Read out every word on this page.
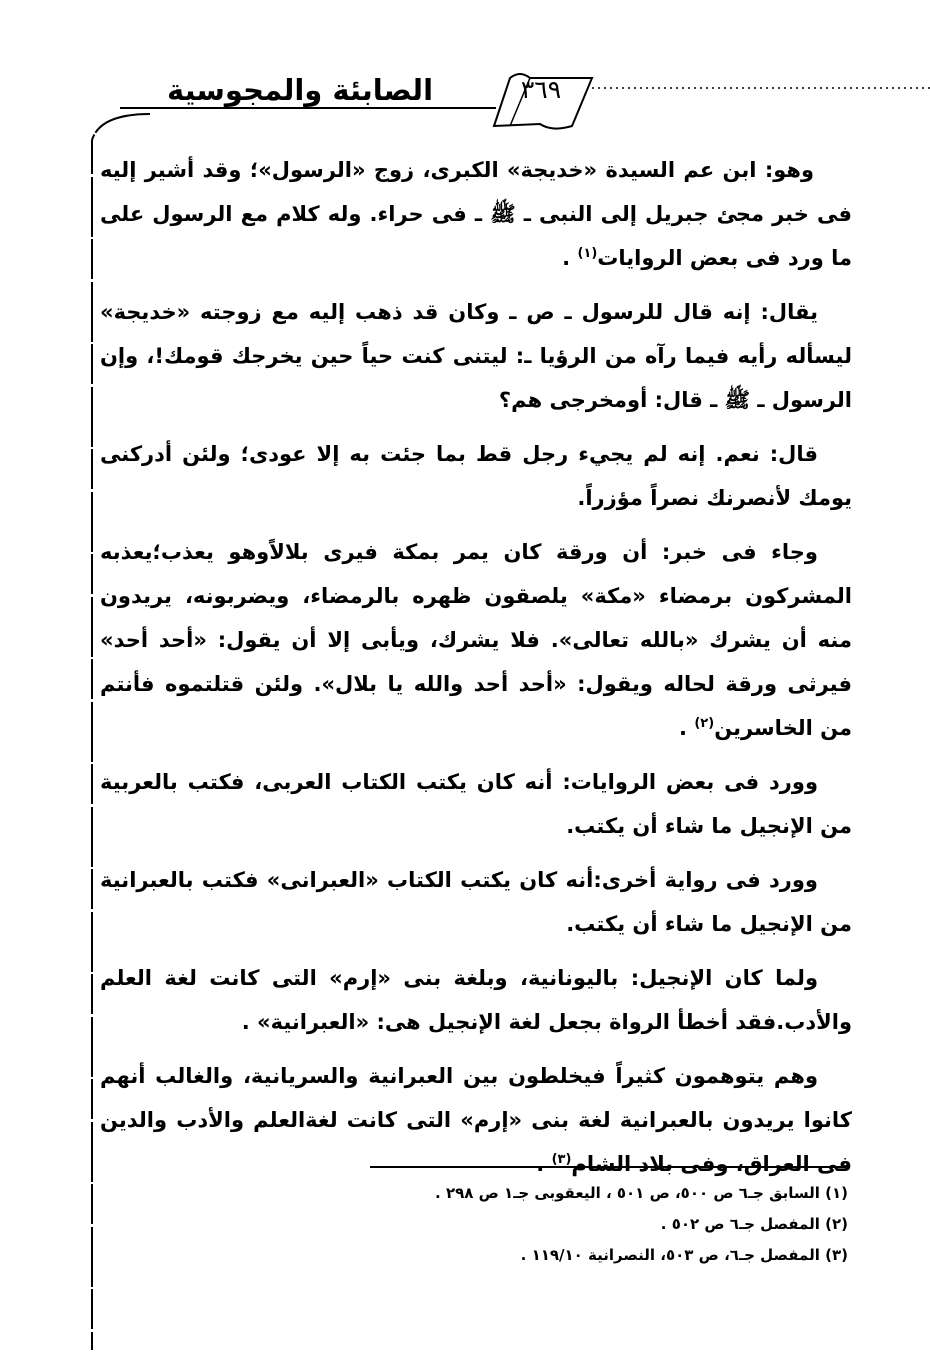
الصابئة والمجوسية	٣٦٩

وهو: ابن عم السيدة «خديجة» الكبرى، زوج «الرسول»؛ وقد أشير إليه فى خبر مجئ جبريل إلى النبى ـ ﷺ ـ فى حراء. وله كلام مع الرسول على ما ورد فى بعض الروايات$^{(١)}$ .

يقال: إنه قال للرسول ـ ص ـ وكان قد ذهب إليه مع زوجته «خديجة» ليسأله رأيه فيما رآه من الرؤيا ـ: ليتنى كنت حياً حين يخرجك قومك!، وإن الرسول ـ ﷺ ـ قال: أومخرجى هم؟

قال: نعم. إنه لم يجيء رجل قط بما جئت به إلا عودى؛ ولئن أدركنى يومك لأنصرنك نصراً مؤزراً.

وجاء فى خبر: أن ورقة كان يمر بمكة فيرى بلالاًوهو يعذب؛يعذبه المشركون برمضاء «مكة» يلصقون ظهره بالرمضاء، ويضربونه، يريدون منه أن يشرك «بالله تعالى». فلا يشرك، ويأبى إلا أن يقول: «أحد أحد» فيرثى ورقة لحاله ويقول: «أحد أحد والله يا بلال». ولئن قتلتموه فأنتم من الخاسرين$^{(٢)}$ .

وورد فى بعض الروايات: أنه كان يكتب الكتاب العربى، فكتب بالعربية من الإنجيل ما شاء أن يكتب.

وورد فى رواية أخرى:أنه كان يكتب الكتاب «العبرانى» فكتب بالعبرانية من الإنجيل ما شاء أن يكتب.

ولما كان الإنجيل: باليونانية، وبلغة بنى «إرم» التى كانت لغة العلم والأدب.فقد أخطأ الرواة بجعل لغة الإنجيل هى: «العبرانية» .

وهم يتوهمون كثيراً فيخلطون بين العبرانية والسريانية، والغالب أنهم كانوا يريدون بالعبرانية لغة بنى «إرم» التى كانت لغةالعلم والأدب والدين فى العراق، وفى بلاد الشام$^{(٣)}$ .

(١) السابق جـ٦ ص ٥٠٠، ص ٥٠١ ، اليعقوبى جـ١ ص ٢٩٨ .
(٢) المفصل جـ٦ ص ٥٠٢ .
(٣) المفصل جـ٦، ص ٥٠٣، النصرانية ١١٩/١٠ .
